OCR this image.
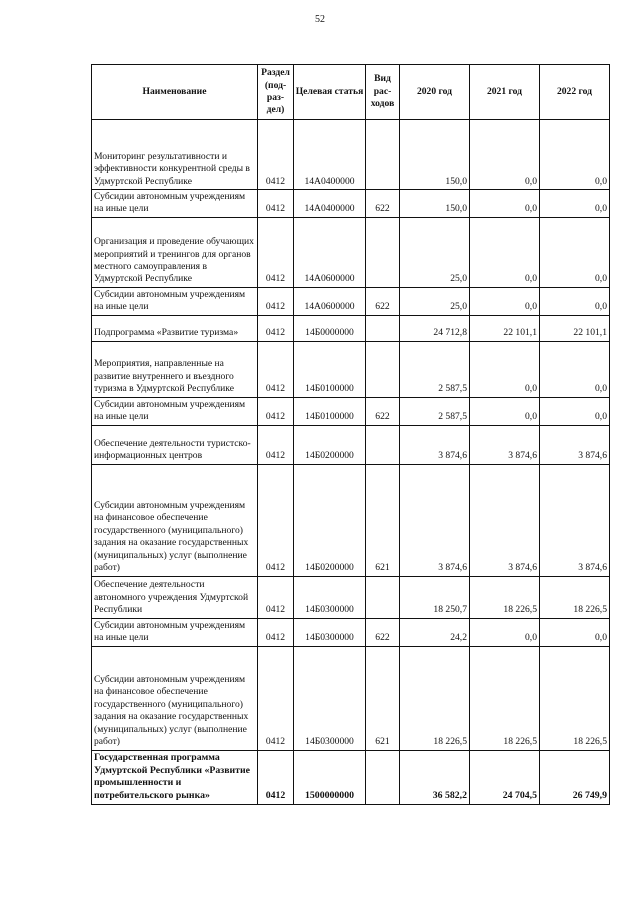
52
Наименование	Раздел (под-раз-дел)	Целевая статья	Вид рас-ходов	2020 год	2021 год	2022 год
Мониторинг результативности и эффективности конкурентной среды в Удмуртской Республике	0412	14А0400000		150,0	0,0	0,0
Субсидии автономным учреждениям на иные цели	0412	14А0400000	622	150,0	0,0	0,0
Организация и проведение обучающих мероприятий и тренингов для органов местного самоуправления в Удмуртской Республике	0412	14А0600000		25,0	0,0	0,0
Субсидии автономным учреждениям на иные цели	0412	14А0600000	622	25,0	0,0	0,0
Подпрограмма «Развитие туризма»	0412	14Б0000000		24 712,8	22 101,1	22 101,1
Мероприятия, направленные на развитие внутреннего и въездного туризма в Удмуртской Республике	0412	14Б0100000		2 587,5	0,0	0,0
Субсидии автономным учреждениям на иные цели	0412	14Б0100000	622	2 587,5	0,0	0,0
Обеспечение деятельности туристско-информационных центров	0412	14Б0200000		3 874,6	3 874,6	3 874,6
Субсидии автономным учреждениям на финансовое обеспечение государственного (муниципального) задания на оказание государственных (муниципальных) услуг (выполнение работ)	0412	14Б0200000	621	3 874,6	3 874,6	3 874,6
Обеспечение деятельности автономного учреждения Удмуртской Республики	0412	14Б0300000		18 250,7	18 226,5	18 226,5
Субсидии автономным учреждениям на иные цели	0412	14Б0300000	622	24,2	0,0	0,0
Субсидии автономным учреждениям на финансовое обеспечение государственного (муниципального) задания на оказание государственных (муниципальных) услуг (выполнение работ)	0412	14Б0300000	621	18 226,5	18 226,5	18 226,5
Государственная программа Удмуртской Республики «Развитие промышленности и потребительского рынка»	0412	1500000000		36 582,2	24 704,5	26 749,9
